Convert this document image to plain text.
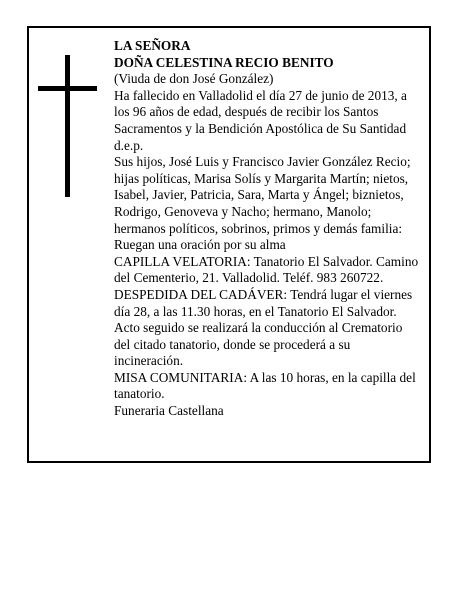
LA SEÑORA

DOÑA CELESTINA RECIO BENITO

(Viuda de don José González)

Ha fallecido en Valladolid el día 27 de junio de 2013, a los 96 años de edad, después de recibir los Santos Sacramentos y la Bendición Apostólica de Su Santidad

d.e.p.

Sus hijos, José Luis y Francisco Javier González Recio; hijas políticas, Marisa Solís y Margarita Martín; nietos, Isabel, Javier, Patricia, Sara, Marta y Ángel; biznietos, Rodrigo, Genoveva y Nacho; hermano, Manolo; hermanos políticos, sobrinos, primos y demás familia:

Ruegan una oración por su alma

CAPILLA VELATORIA: Tanatorio El Salvador. Camino del Cementerio, 21. Valladolid. Teléf. 983 260722.

DESPEDIDA DEL CADÁVER: Tendrá lugar el viernes día 28, a las 11.30 horas, en el Tanatorio El Salvador. Acto seguido se realizará la conducción al Crematorio del citado tanatorio, donde se procederá a su incineración.

MISA COMUNITARIA: A las 10 horas, en la capilla del tanatorio.

Funeraria Castellana
